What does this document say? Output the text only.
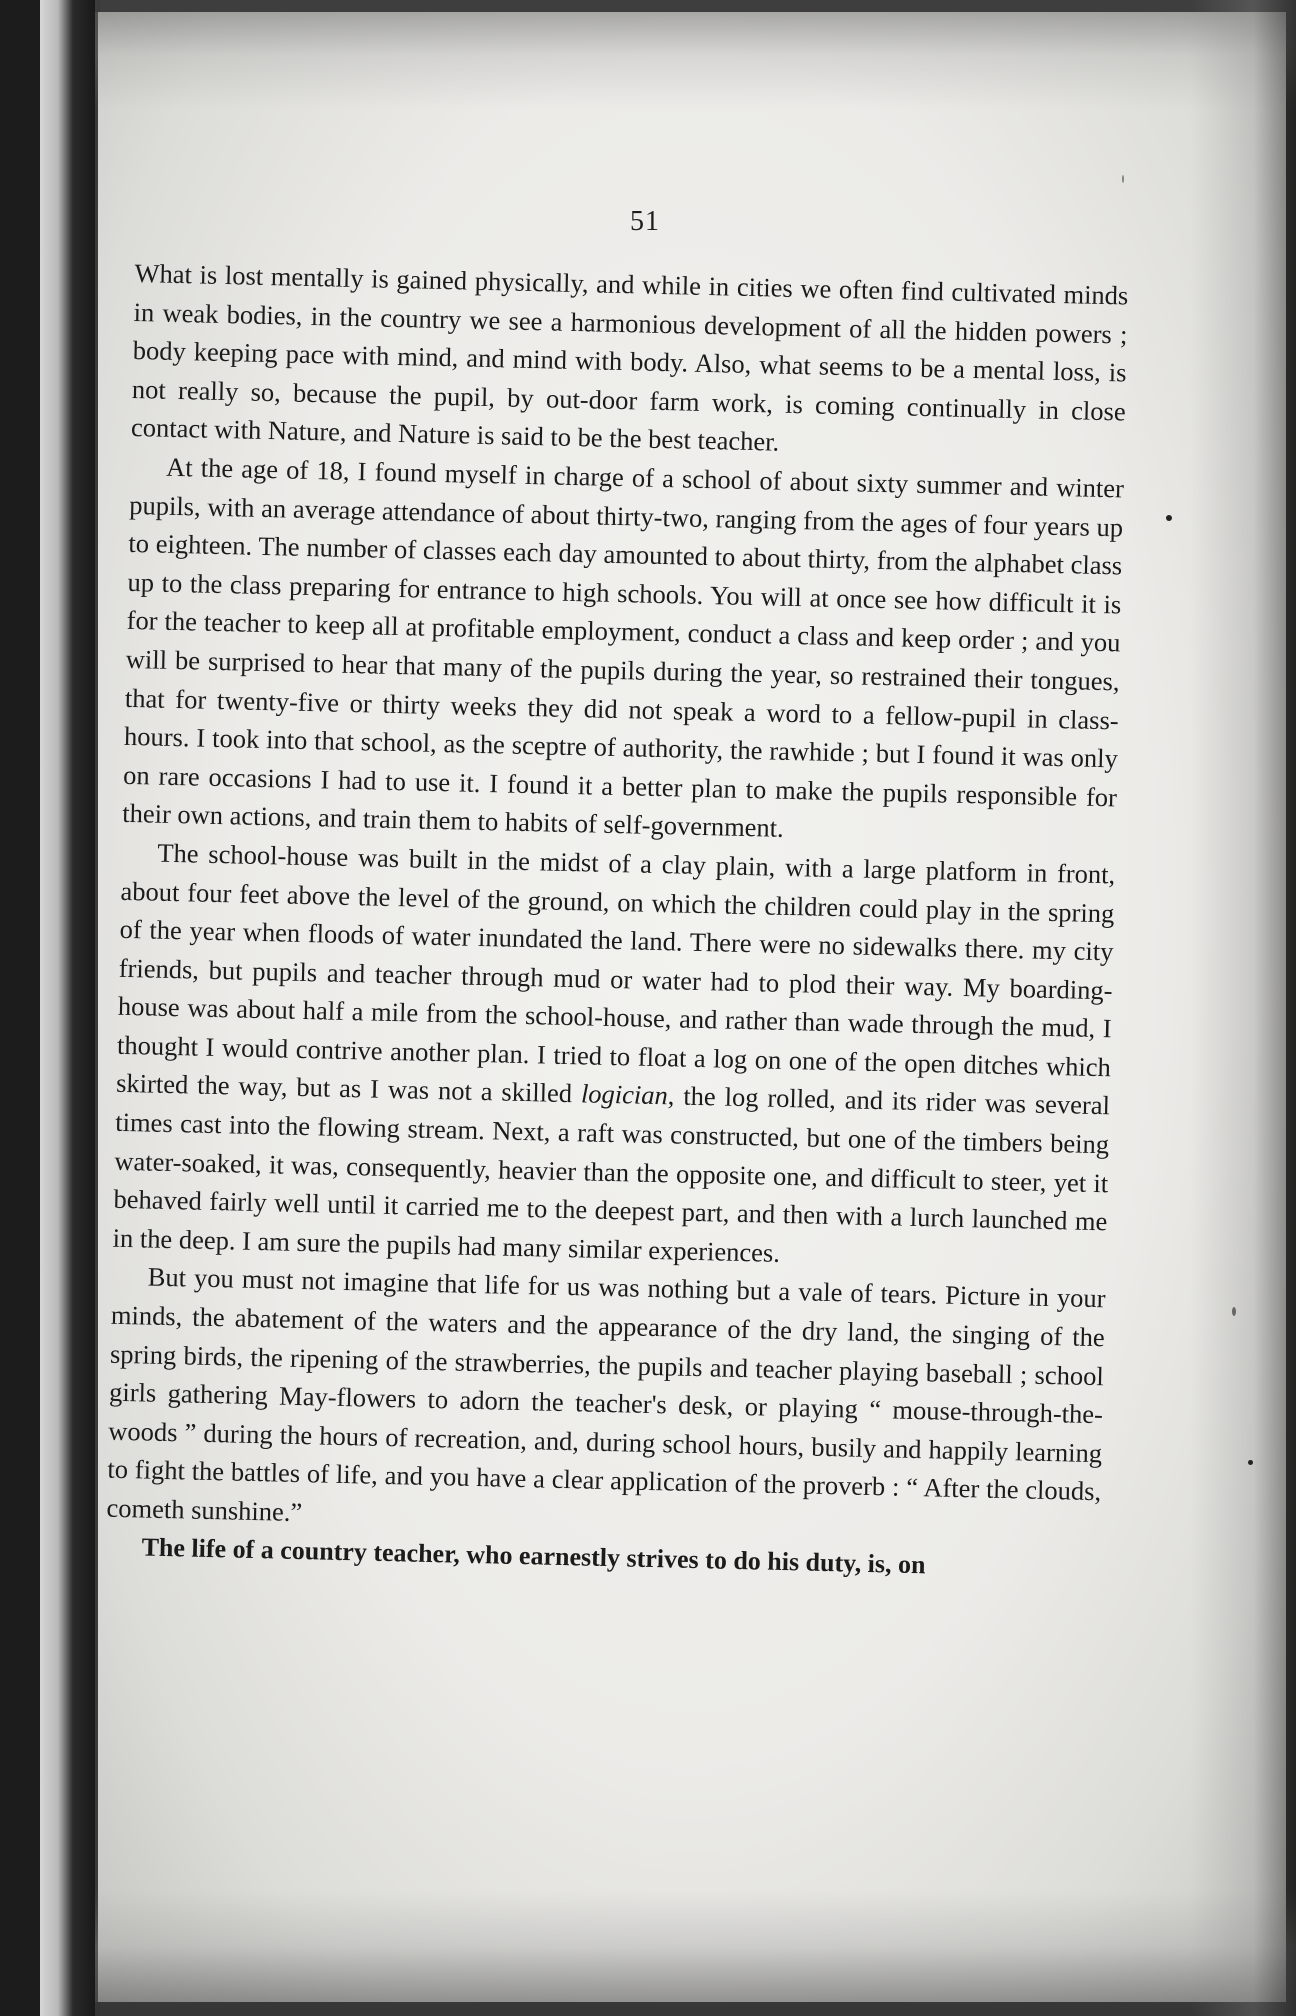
51

What is lost mentally is gained physically, and while in cities we often find cultivated minds in weak bodies, in the country we see a harmonious development of all the hidden powers ; body keeping pace with mind, and mind with body. Also, what seems to be a mental loss, is not really so, because the pupil, by out-door farm work, is coming continually in close contact with Nature, and Nature is said to be the best teacher.

At the age of 18, I found myself in charge of a school of about sixty summer and winter pupils, with an average attendance of about thirty-two, ranging from the ages of four years up to eighteen. The number of classes each day amounted to about thirty, from the alphabet class up to the class preparing for entrance to high schools. You will at once see how difficult it is for the teacher to keep all at profitable employment, conduct a class and keep order ; and you will be surprised to hear that many of the pupils during the year, so restrained their tongues, that for twenty-five or thirty weeks they did not speak a word to a fellow-pupil in class-hours. I took into that school, as the sceptre of authority, the rawhide ; but I found it was only on rare occasions I had to use it. I found it a better plan to make the pupils responsible for their own actions, and train them to habits of self-government.

The school-house was built in the midst of a clay plain, with a large platform in front, about four feet above the level of the ground, on which the children could play in the spring of the year when floods of water inundated the land. There were no sidewalks there. my city friends, but pupils and teacher through mud or water had to plod their way. My boarding-house was about half a mile from the school-house, and rather than wade through the mud, I thought I would contrive another plan. I tried to float a log on one of the open ditches which skirted the way, but as I was not a skilled logician, the log rolled, and its rider was several times cast into the flowing stream. Next, a raft was constructed, but one of the timbers being water-soaked, it was, consequently, heavier than the opposite one, and difficult to steer, yet it behaved fairly well until it carried me to the deepest part, and then with a lurch launched me in the deep. I am sure the pupils had many similar experiences.

But you must not imagine that life for us was nothing but a vale of tears. Picture in your minds, the abatement of the waters and the appearance of the dry land, the singing of the spring birds, the ripening of the strawberries, the pupils and teacher playing baseball ; school girls gathering May-flowers to adorn the teacher's desk, or playing “ mouse-through-the-woods ” during the hours of recreation, and, during school hours, busily and happily learning to fight the battles of life, and you have a clear application of the proverb : “ After the clouds, cometh sunshine.”

The life of a country teacher, who earnestly strives to do his duty, is, on
